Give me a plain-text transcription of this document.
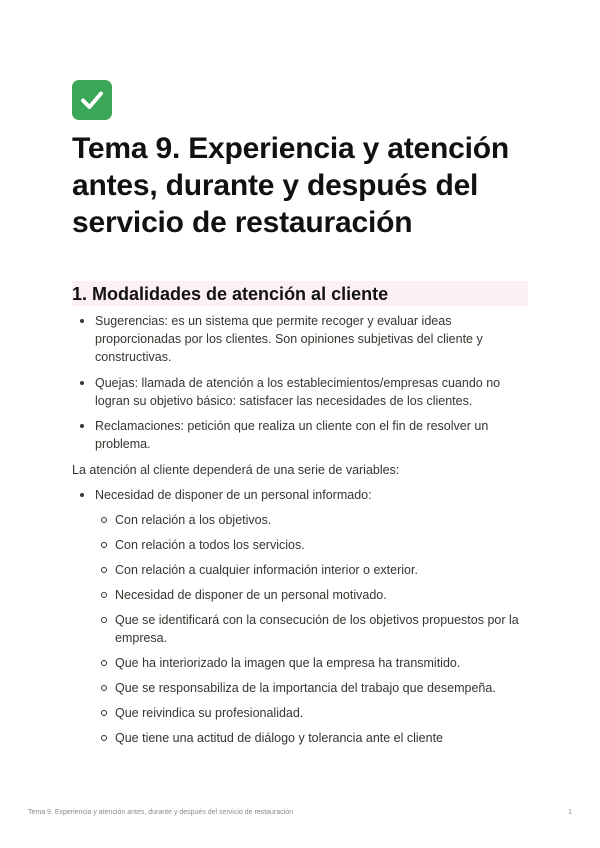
Tema 9. Experiencia y atención antes, durante y después del servicio de restauración
1. Modalidades de atención al cliente
Sugerencias: es un sistema que permite recoger y evaluar ideas proporcionadas por los clientes. Son opiniones subjetivas del cliente y constructivas.
Quejas: llamada de atención a los establecimientos/empresas cuando no logran su objetivo básico: satisfacer las necesidades de los clientes.
Reclamaciones: petición que realiza un cliente con el fin de resolver un problema.

La atención al cliente dependerá de una serie de variables:

Necesidad de disponer de un personal informado:
Con relación a los objetivos.
Con relación a todos los servicios.
Con relación a cualquier información interior o exterior.
Necesidad de disponer de un personal motivado.
Que se identificará con la consecución de los objetivos propuestos por la empresa.
Que ha interiorizado la imagen que la empresa ha transmitido.
Que se responsabiliza de la importancia del trabajo que desempeña.
Que reivindica su profesionalidad.
Que tiene una actitud de diálogo y tolerancia ante el cliente
Tema 9. Experiencia y atención antes, durante y después del servicio de restauración	1
